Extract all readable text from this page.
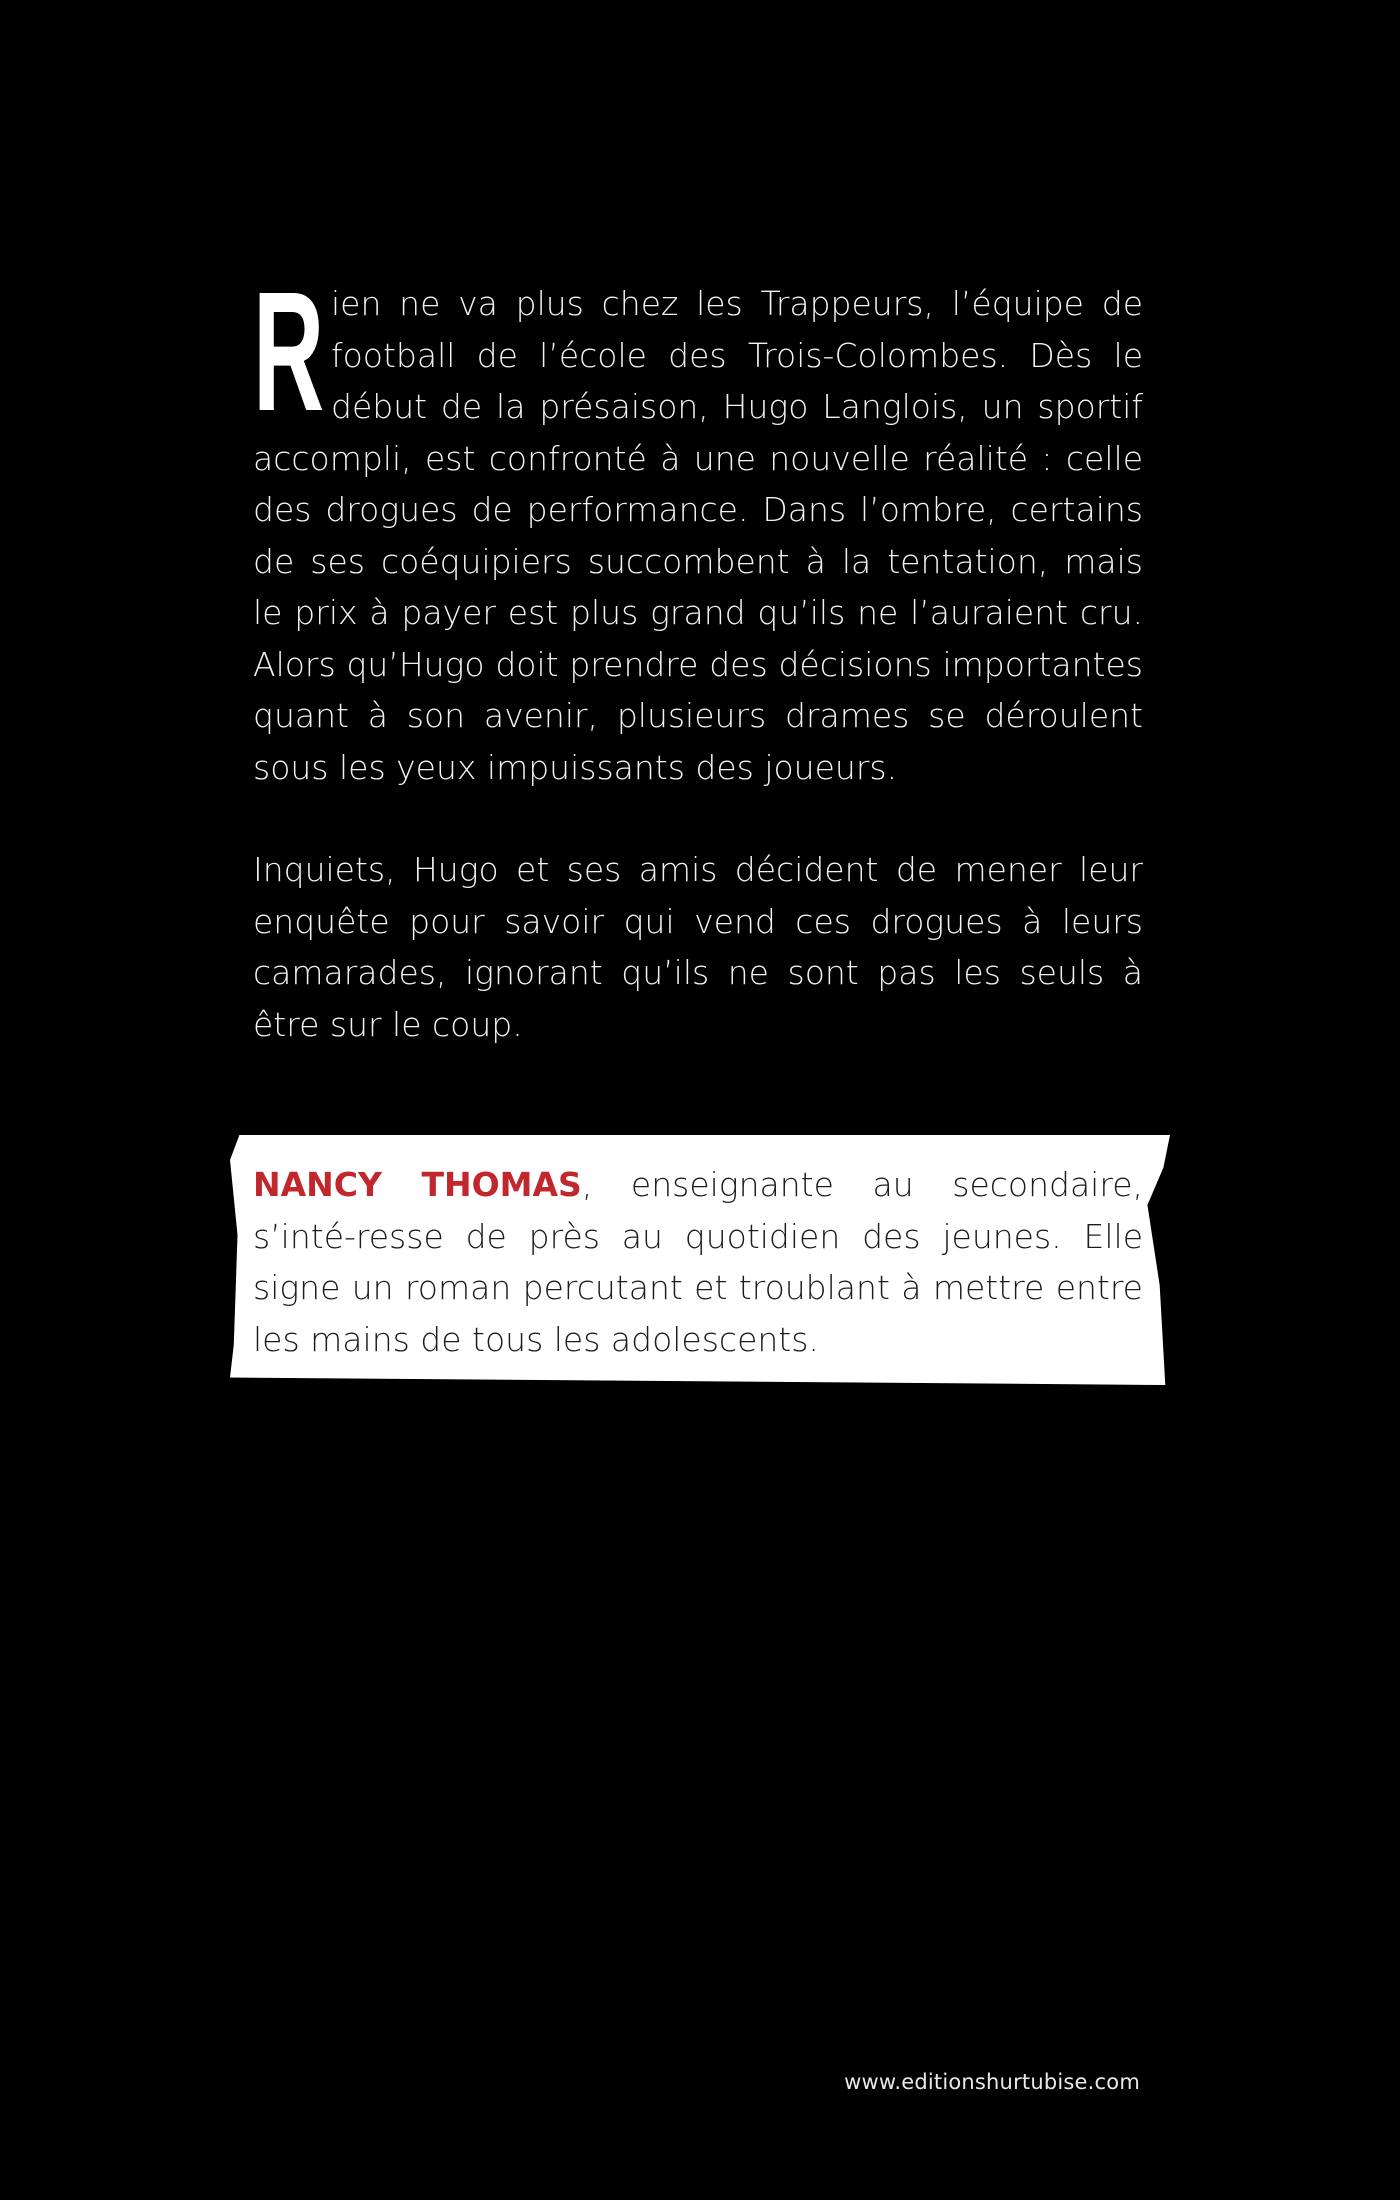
Rien ne va plus chez les Trappeurs, l’équipe de football de l’école des Trois-Colombes. Dès le début de la présaison, Hugo Langlois, un sportif accompli, est confronté à une nouvelle réalité : celle des drogues de performance. Dans l’ombre, certains de ses coéquipiers succombent à la tentation, mais le prix à payer est plus grand qu’ils ne l’auraient cru. Alors qu’Hugo doit prendre des décisions importantes quant à son avenir, plusieurs drames se déroulent sous les yeux impuissants des joueurs.

Inquiets, Hugo et ses amis décident de mener leur enquête pour savoir qui vend ces drogues à leurs camarades, ignorant qu’ils ne sont pas les seuls à être sur le coup.

NANCY THOMAS, enseignante au secondaire, s’inté-resse de près au quotidien des jeunes. Elle signe un roman percutant et troublant à mettre entre les mains de tous les adolescents.

www.editionshurtubise.com
